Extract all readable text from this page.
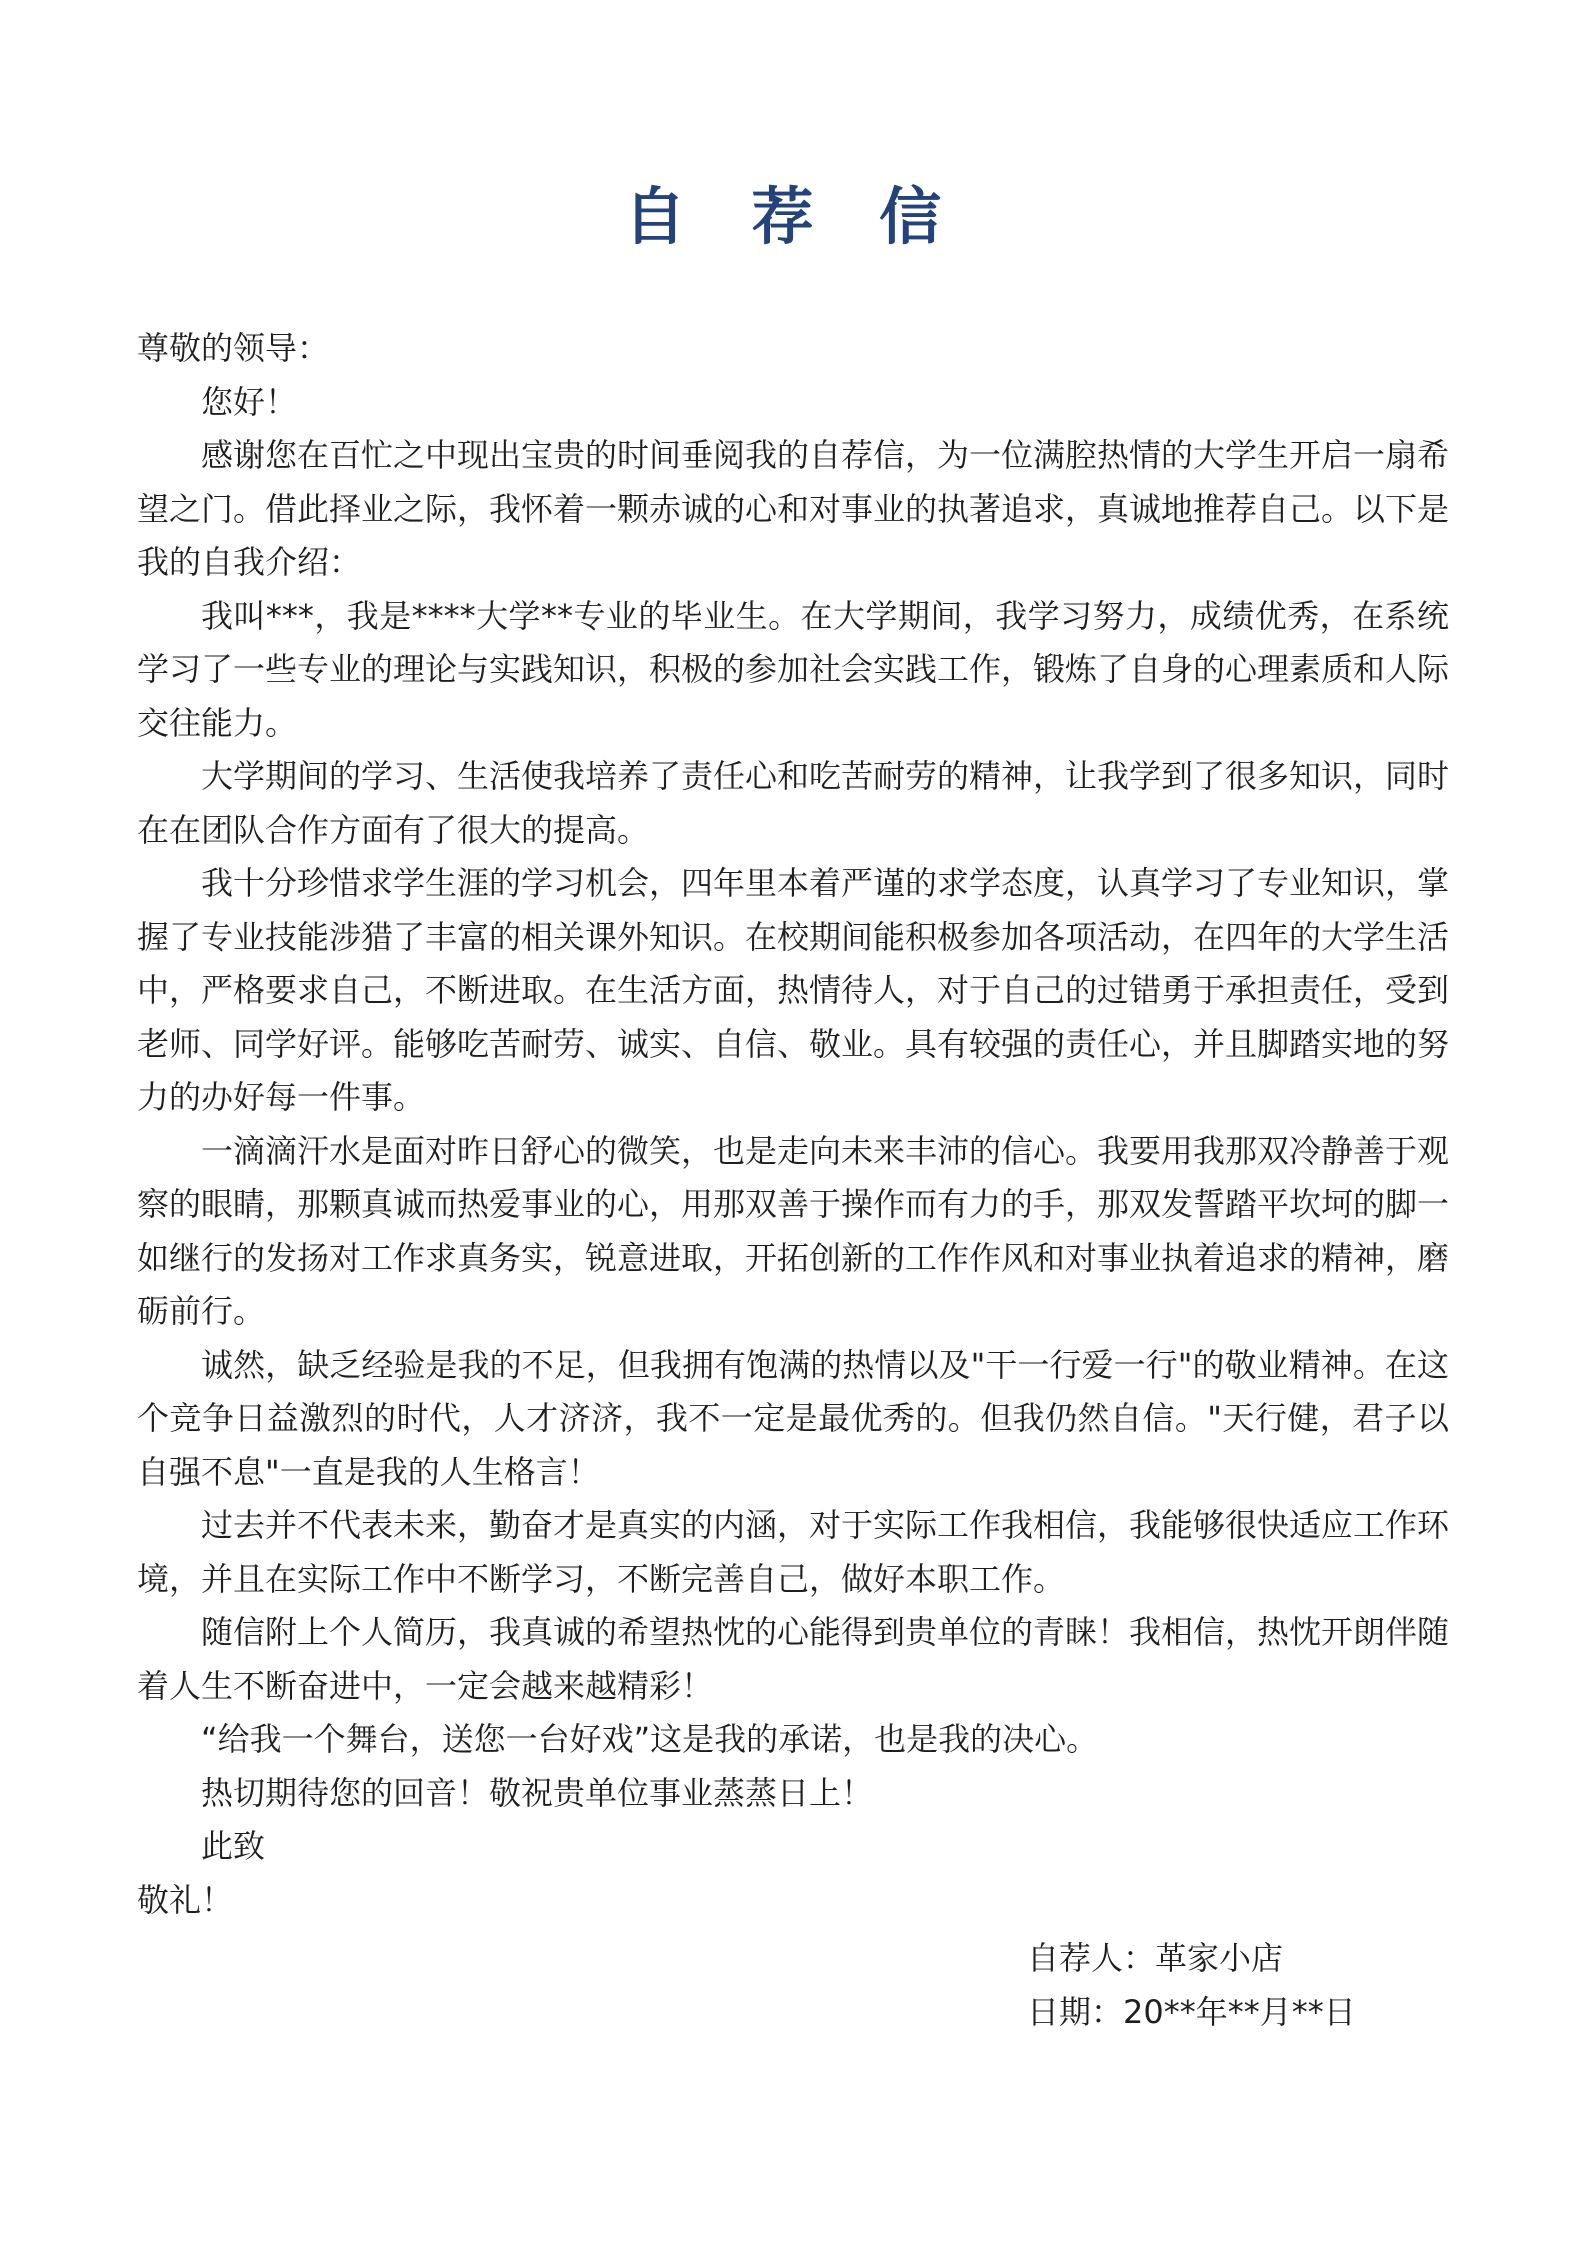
自 荐 信

尊敬的领导：

您好！

感谢您在百忙之中现出宝贵的时间垂阅我的自荐信，为一位满腔热情的大学生开启一扇希望之门。借此择业之际，我怀着一颗赤诚的心和对事业的执著追求，真诚地推荐自己。以下是我的自我介绍：

我叫***，我是****大学**专业的毕业生。在大学期间，我学习努力，成绩优秀，在系统学习了一些专业的理论与实践知识，积极的参加社会实践工作，锻炼了自身的心理素质和人际交往能力。

大学期间的学习、生活使我培养了责任心和吃苦耐劳的精神，让我学到了很多知识，同时在在团队合作方面有了很大的提高。

我十分珍惜求学生涯的学习机会，四年里本着严谨的求学态度，认真学习了专业知识，掌握了专业技能涉猎了丰富的相关课外知识。在校期间能积极参加各项活动，在四年的大学生活中，严格要求自己，不断进取。在生活方面，热情待人，对于自己的过错勇于承担责任，受到老师、同学好评。能够吃苦耐劳、诚实、自信、敬业。具有较强的责任心，并且脚踏实地的努力的办好每一件事。

一滴滴汗水是面对昨日舒心的微笑，也是走向未来丰沛的信心。我要用我那双冷静善于观察的眼睛，那颗真诚而热爱事业的心，用那双善于操作而有力的手，那双发誓踏平坎坷的脚一如继行的发扬对工作求真务实，锐意进取，开拓创新的工作作风和对事业执着追求的精神，磨砺前行。

诚然，缺乏经验是我的不足，但我拥有饱满的热情以及"干一行爱一行"的敬业精神。在这个竞争日益激烈的时代，人才济济，我不一定是最优秀的。但我仍然自信。"天行健，君子以自强不息"一直是我的人生格言！

过去并不代表未来，勤奋才是真实的内涵，对于实际工作我相信，我能够很快适应工作环境，并且在实际工作中不断学习，不断完善自己，做好本职工作。

随信附上个人简历，我真诚的希望热忱的心能得到贵单位的青睐！我相信，热忱开朗伴随着人生不断奋进中，一定会越来越精彩！

“给我一个舞台，送您一台好戏”这是我的承诺，也是我的决心。

热切期待您的回音！敬祝贵单位事业蒸蒸日上！

此致

敬礼！

自荐人：革家小店
日期：20**年**月**日
